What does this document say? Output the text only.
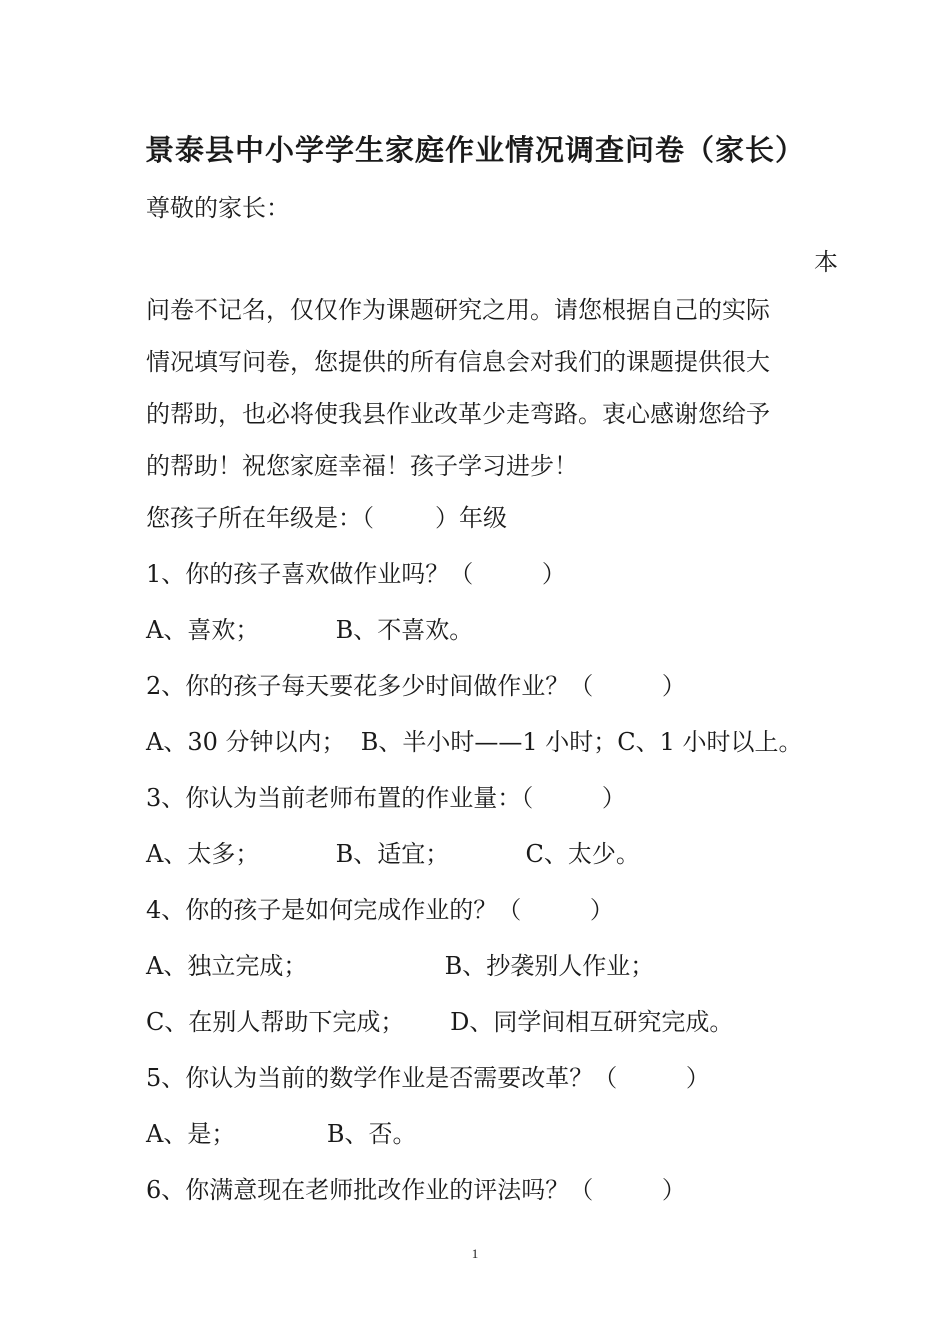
景泰县中小学学生家庭作业情况调查问卷（家长）
尊敬的家长：
本
问卷不记名，仅仅作为课题研究之用。请您根据自己的实际
情况填写问卷，您提供的所有信息会对我们的课题提供很大
的帮助，也必将使我县作业改革少走弯路。衷心感谢您给予
的帮助！祝您家庭幸福！孩子学习进步！
您孩子所在年级是：（        ）年级
1、你的孩子喜欢做作业吗？（         ）
A、喜欢；          B、不喜欢。
2、你的孩子每天要花多少时间做作业？（         ）
A、30 分钟以内；  B、半小时——1 小时；C、1 小时以上。
3、你认为当前老师布置的作业量：（         ）
A、太多；          B、适宜；          C、太少。
4、你的孩子是如何完成作业的？（         ）
A、独立完成；                  B、抄袭别人作业；
C、在别人帮助下完成；      D、同学间相互研究完成。
5、你认为当前的数学作业是否需要改革？（         ）
A、是；            B、否。
6、你满意现在老师批改作业的评法吗？（         ）
1
